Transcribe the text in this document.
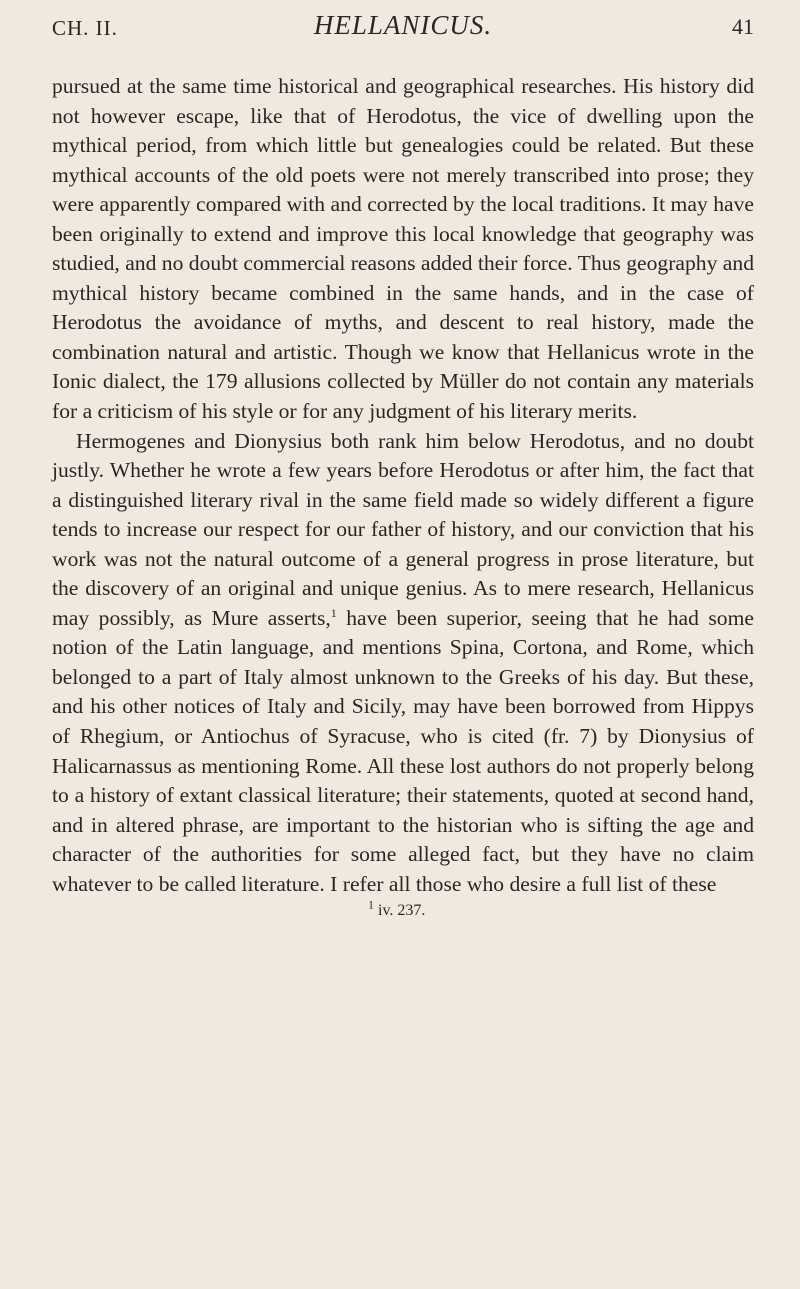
CH. II.	HELLANICUS.	41

pursued at the same time historical and geographical researches. His history did not however escape, like that of Herodotus, the vice of dwelling upon the mythical period, from which little but genealogies could be related. But these mythical accounts of the old poets were not merely transcribed into prose; they were apparently compared with and corrected by the local traditions. It may have been originally to extend and improve this local knowledge that geography was studied, and no doubt commercial reasons added their force. Thus geography and mythical history became combined in the same hands, and in the case of Herodotus the avoidance of myths, and descent to real history, made the combination natural and artistic. Though we know that Hellanicus wrote in the Ionic dialect, the 179 allusions collected by Müller do not contain any materials for a criticism of his style or for any judgment of his literary merits.

Hermogenes and Dionysius both rank him below Herodotus, and no doubt justly. Whether he wrote a few years before Herodotus or after him, the fact that a distinguished literary rival in the same field made so widely different a figure tends to increase our respect for our father of history, and our conviction that his work was not the natural outcome of a general progress in prose literature, but the discovery of an original and unique genius. As to mere research, Hellanicus may possibly, as Mure asserts,$^1$ have been superior, seeing that he had some notion of the Latin language, and mentions Spina, Cortona, and Rome, which belonged to a part of Italy almost unknown to the Greeks of his day. But these, and his other notices of Italy and Sicily, may have been borrowed from Hippys of Rhegium, or Antiochus of Syracuse, who is cited (fr. 7) by Dionysius of Halicarnassus as mentioning Rome. All these lost authors do not properly belong to a history of extant classical literature; their statements, quoted at second hand, and in altered phrase, are important to the historian who is sifting the age and character of the authorities for some alleged fact, but they have no claim whatever to be called literature. I refer all those who desire a full list of these

$^1$ iv. 237.
